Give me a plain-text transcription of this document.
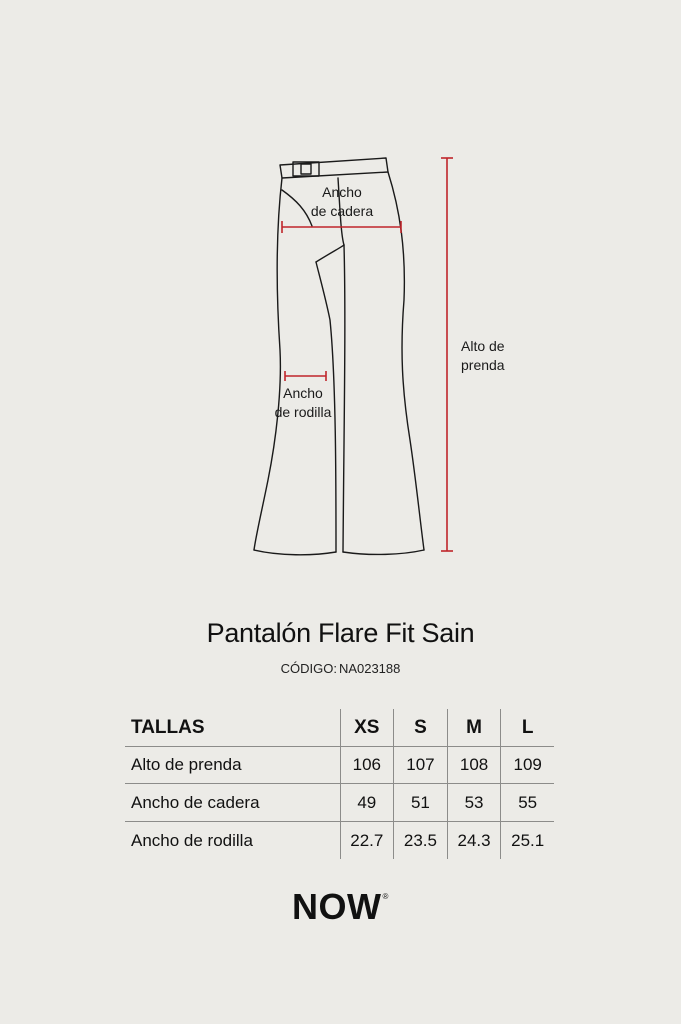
Ancho
de cadera
Ancho
de rodilla
Alto de
prenda
Pantalón Flare Fit Sain
CÓDIGO: NA023188
TALLAS	XS	S	M	L
Alto de prenda	106	107	108	109
Ancho de cadera	49	51	53	55
Ancho de rodilla	22.7	23.5	24.3	25.1
NOW®
